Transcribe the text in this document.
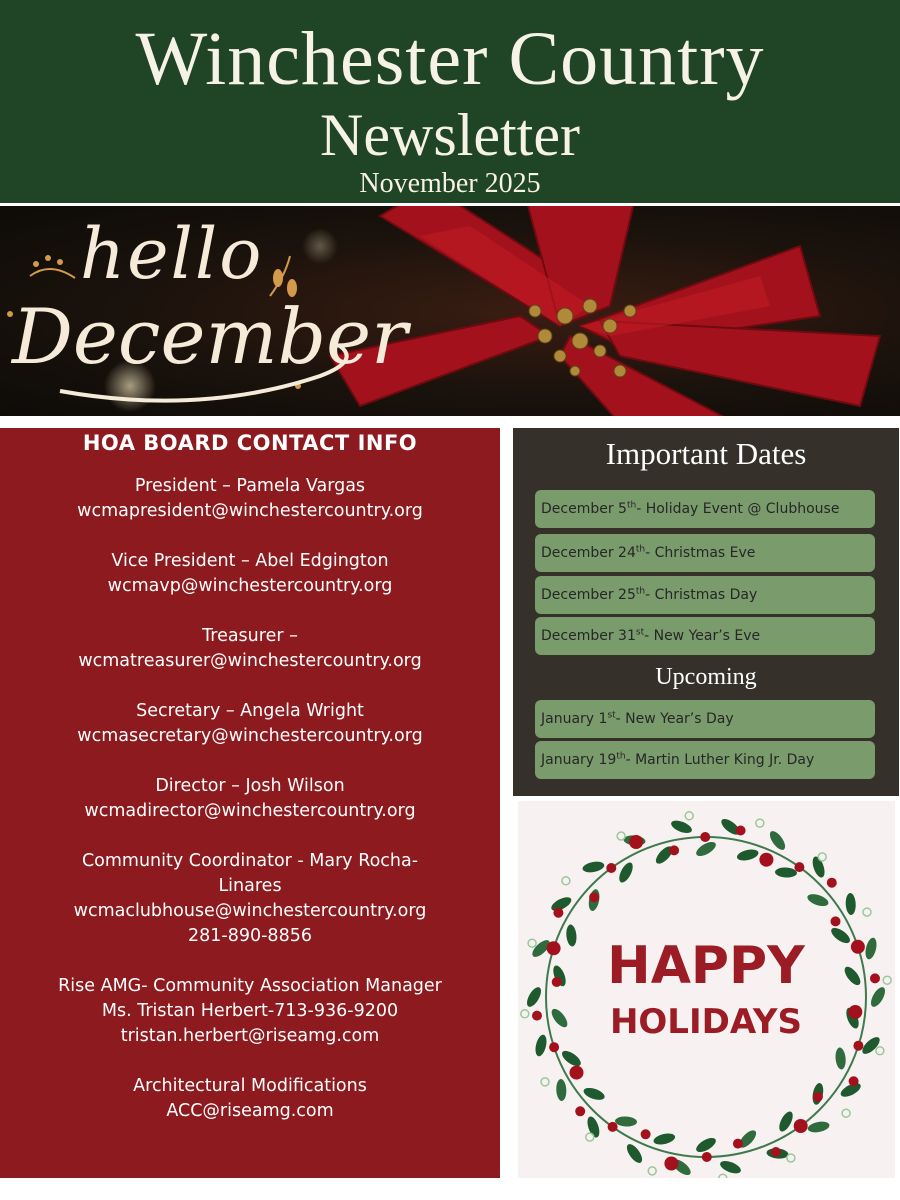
Winchester Country
Newsletter
November 2025
hello
December
HOA BOARD CONTACT INFO
President – Pamela Vargas
wcmapresident@winchestercountry.org
Vice President – Abel Edgington
wcmavp@winchestercountry.org
Treasurer –
wcmatreasurer@winchestercountry.org
Secretary – Angela Wright
wcmasecretary@winchestercountry.org
Director – Josh Wilson
wcmadirector@winchestercountry.org
Community Coordinator - Mary Rocha-
Linares
wcmaclubhouse@winchestercountry.org
281-890-8856
Rise AMG- Community Association Manager
Ms. Tristan Herbert-713-936-9200
tristan.herbert@riseamg.com
Architectural Modifications
ACC@riseamg.com
Important Dates
December 5th- Holiday Event @ Clubhouse
December 24th- Christmas Eve
December 25th- Christmas Day
December 31st- New Year’s Eve
Upcoming
January 1st- New Year’s Day
January 19th- Martin Luther King Jr. Day
HAPPY
HOLIDAYS
